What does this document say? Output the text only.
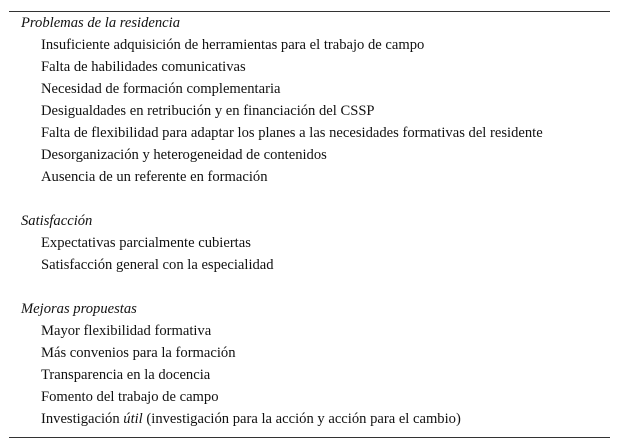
Problemas de la residencia
Insuficiente adquisición de herramientas para el trabajo de campo
Falta de habilidades comunicativas
Necesidad de formación complementaria
Desigualdades en retribución y en financiación del CSSP
Falta de flexibilidad para adaptar los planes a las necesidades formativas del residente
Desorganización y heterogeneidad de contenidos
Ausencia de un referente en formación
Satisfacción
Expectativas parcialmente cubiertas
Satisfacción general con la especialidad
Mejoras propuestas
Mayor flexibilidad formativa
Más convenios para la formación
Transparencia en la docencia
Fomento del trabajo de campo
Investigación útil (investigación para la acción y acción para el cambio)
